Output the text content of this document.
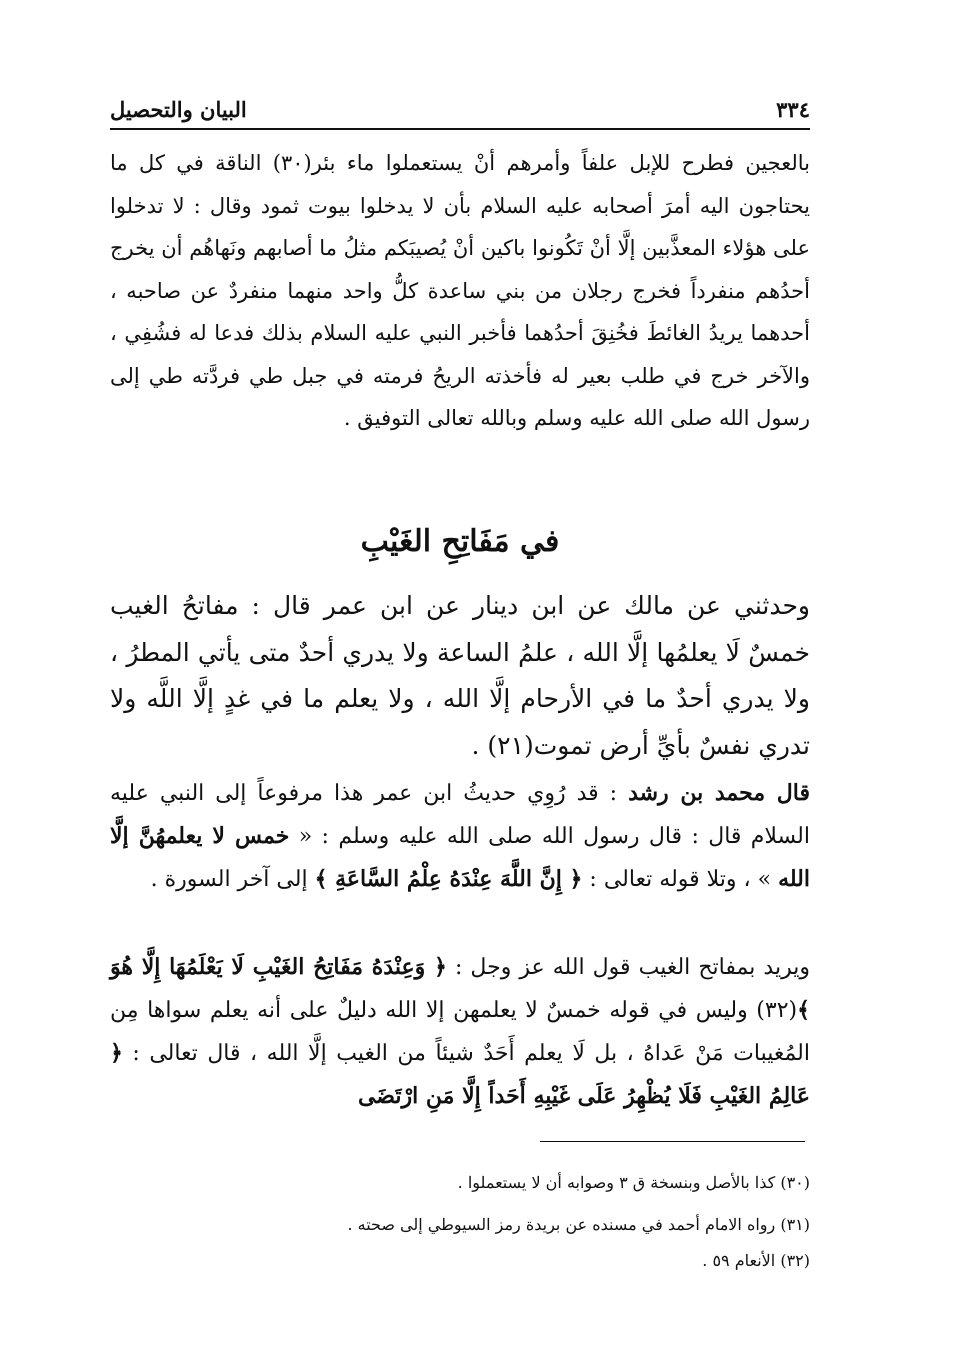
٣٣٤
البيان والتحصيل

بالعجين فطرح للإبل علفاً وأمرهم أنْ يستعملوا ماء بئر(٣٠) الناقة في كل ما يحتاجون اليه أمرَ أصحابه عليه السلام بأن لا يدخلوا بيوت ثمود وقال : لا تدخلوا على هؤلاء المعذَّبين إلَّا أنْ تَكُونوا باكين أنْ يُصيبَكم مثلُ ما أصابهم ونَهاهُم أن يخرج أحدُهم منفرداً فخرج رجلان من بني ساعدة كلُّ واحد منهما منفردٌ عن صاحبه ، أحدهما يريدُ الغائطَ فخُنِقَ أحدُهما فأخبر النبي عليه السلام بذلك فدعا له فشُفِي ، والآخر خرج في طلب بعير له فأخذته الريحُ فرمته في جبل طي فردَّته طي إلى رسول الله صلى الله عليه وسلم وبالله تعالى التوفيق .

في مَفَاتِحِ الغَيْبِ

وحدثني عن مالك عن ابن دينار عن ابن عمر قال : مفاتحُ الغيب خمسٌ لَا يعلمُها إلَّا الله ، علمُ الساعة ولا يدري أحدٌ متى يأتي المطرُ ، ولا يدري أحدٌ ما في الأرحام إلَّا الله ، ولا يعلم ما في غدٍ إلَّا اللَّه ولا تدري نفسٌ بأيِّ أرض تموت(٢١) .

قال محمد بن رشد : قد رُوِي حديثُ ابن عمر هذا مرفوعاً إلى النبي عليه السلام قال : قال رسول الله صلى الله عليه وسلم : « خمس لا يعلمهُنَّ إلَّا الله » ، وتلا قوله تعالى : ﴿ إِنَّ اللَّهَ عِنْدَهُ عِلْمُ السَّاعَةِ ﴾ إلى آخر السورة .

ويريد بمفاتح الغيب قول الله عز وجل : ﴿ وَعِنْدَهُ مَفَاتِحُ الغَيْبِ لَا يَعْلَمُهَا إِلَّا هُوَ ﴾(٣٢) وليس في قوله خمسٌ لا يعلمهن إلا الله دليلٌ على أنه يعلم سواها مِن المُغيبات مَنْ عَداهُ ، بل لَا يعلم أَحَدٌ شيئاً من الغيب إلَّا الله ، قال تعالى : ﴿ عَالِمُ الغَيْبِ فَلَا يُظْهِرُ عَلَى غَيْبِهِ أَحَداً إِلَّا مَنِ ارْتَضَى

(٣٠) كذا بالأصل وبنسخة ق ٣ وصوابه أن لا يستعملوا .
(٣١) رواه الامام أحمد في مسنده عن بريدة رمز السيوطي إلى صحته .
(٣٢) الأنعام ٥٩ .
